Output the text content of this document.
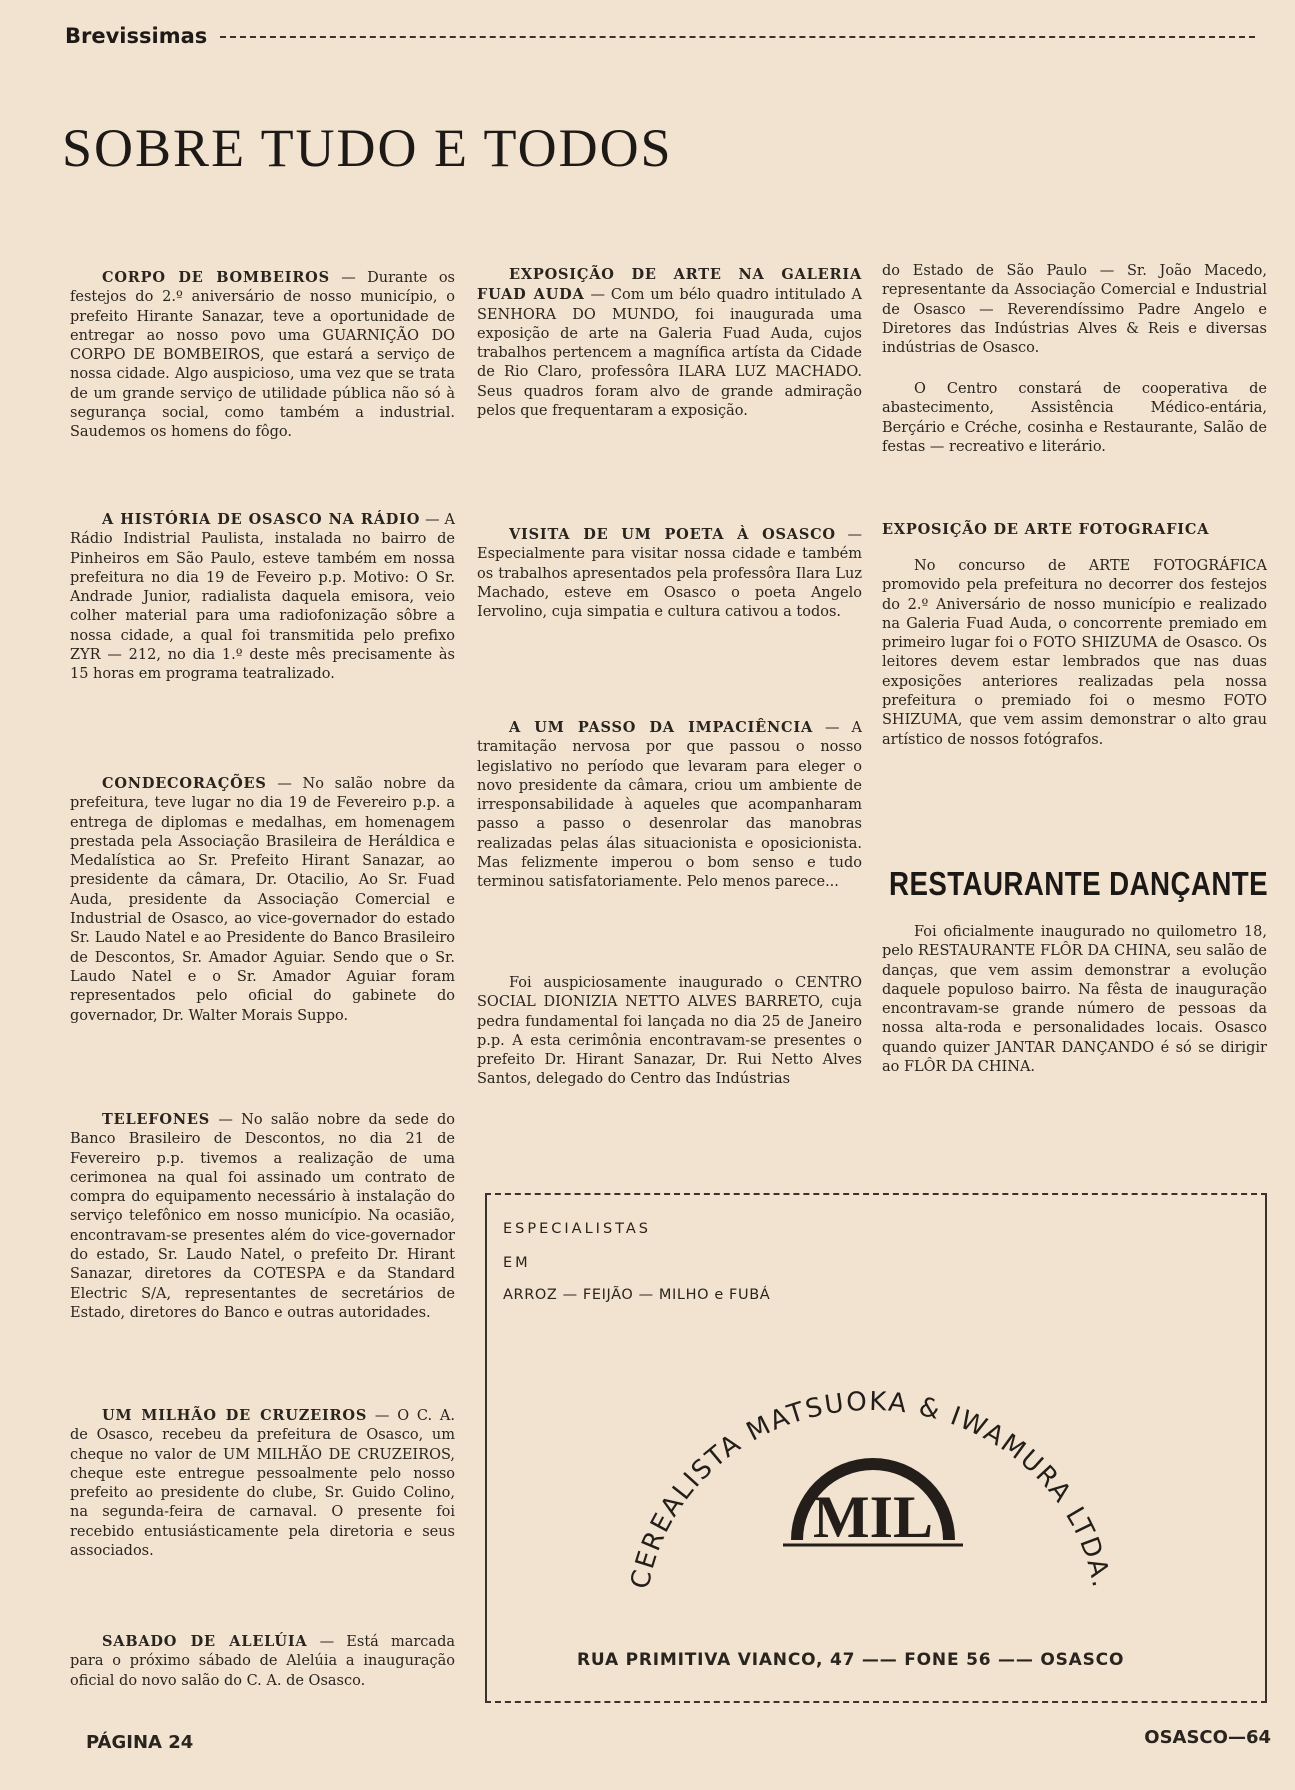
Brevissimas
SOBRE TUDO E TODOS

CORPO DE BOMBEIROS — Durante os festejos do 2.º aniversário de nosso município, o prefeito Hirante Sanazar, teve a oportunidade de entregar ao nosso povo uma GUARNIÇÃO DO CORPO DE BOMBEIROS, que estará a serviço de nossa cidade. Algo auspicioso, uma vez que se trata de um grande serviço de utilidade pública não só à segurança social, como também a industrial. Saudemos os homens do fôgo.

A HISTÓRIA DE OSASCO NA RÁDIO — A Rádio Indistrial Paulista, instalada no bairro de Pinheiros em São Paulo, esteve também em nossa prefeitura no dia 19 de Feveiro p.p. Motivo: O Sr. Andrade Junior, radialista daquela emisora, veio colher material para uma radiofonização sôbre a nossa cidade, a qual foi transmitida pelo prefixo ZYR — 212, no dia 1.º deste mês precisamente às 15 horas em programa teatralizado.

CONDECORAÇÕES — No salão nobre da prefeitura, teve lugar no dia 19 de Fevereiro p.p. a entrega de diplomas e medalhas, em homenagem prestada pela Associação Brasileira de Heráldica e Medalística ao Sr. Prefeito Hirant Sanazar, ao presidente da câmara, Dr. Otacilio, Ao Sr. Fuad Auda, presidente da Associação Comercial e Industrial de Osasco, ao vice-governador do estado Sr. Laudo Natel e ao Presidente do Banco Brasileiro de Descontos, Sr. Amador Aguiar. Sendo que o Sr. Laudo Natel e o Sr. Amador Aguiar foram representados pelo oficial do gabinete do governador, Dr. Walter Morais Suppo.

TELEFONES — No salão nobre da sede do Banco Brasileiro de Descontos, no dia 21 de Fevereiro p.p. tivemos a realização de uma cerimonea na qual foi assinado um contrato de compra do equipamento necessário à instalação do serviço telefônico em nosso município. Na ocasião, encontravam-se presentes além do vice-governador do estado, Sr. Laudo Natel, o prefeito Dr. Hirant Sanazar, diretores da COTESPA e da Standard Electric S/A, representantes de secretários de Estado, diretores do Banco e outras autoridades.

UM MILHÃO DE CRUZEIROS — O C. A. de Osasco, recebeu da prefeitura de Osasco, um cheque no valor de UM MILHÃO DE CRUZEIROS, cheque este entregue pessoalmente pelo nosso prefeito ao presidente do clube, Sr. Guido Colino, na segunda-feira de carnaval. O presente foi recebido entusiásticamente pela diretoria e seus associados.

SABADO DE ALELÚIA — Está marcada para o próximo sábado de Alelúia a inauguração oficial do novo salão do C. A. de Osasco.

EXPOSIÇÃO DE ARTE NA GALERIA FUAD AUDA — Com um bélo quadro intitulado A SENHORA DO MUNDO, foi inaugurada uma exposição de arte na Galeria Fuad Auda, cujos trabalhos pertencem a magnífica artísta da Cidade de Rio Claro, professôra ILARA LUZ MACHADO. Seus quadros foram alvo de grande admiração pelos que frequentaram a exposição.

VISITA DE UM POETA À OSASCO — Especialmente para visitar nossa cidade e também os trabalhos apresentados pela professôra Ilara Luz Machado, esteve em Osasco o poeta Angelo Iervolino, cuja simpatia e cultura cativou a todos.

A UM PASSO DA IMPACIÊNCIA — A tramitação nervosa por que passou o nosso legislativo no período que levaram para eleger o novo presidente da câmara, criou um ambiente de irresponsabilidade à aqueles que acompanharam passo a passo o desenrolar das manobras realizadas pelas álas situacionista e oposicionista. Mas felizmente imperou o bom senso e tudo terminou satisfatoriamente. Pelo menos parece...

Foi auspiciosamente inaugurado o CENTRO SOCIAL DIONIZIA NETTO ALVES BARRETO, cuja pedra fundamental foi lançada no dia 25 de Janeiro p.p. A esta cerimônia encontravam-se presentes o prefeito Dr. Hirant Sanazar, Dr. Rui Netto Alves Santos, delegado do Centro das Indústrias

do Estado de São Paulo — Sr. João Macedo, representante da Associação Comercial e Industrial de Osasco — Reverendíssimo Padre Angelo e Diretores das Indústrias Alves & Reis e diversas indústrias de Osasco.

O Centro constará de cooperativa de abastecimento, Assistência Médico-entária, Berçário e Créche, cosinha e Restaurante, Salão de festas — recreativo e literário.

EXPOSIÇÃO DE ARTE FOTOGRAFICA

No concurso de ARTE FOTOGRÁFICA promovido pela prefeitura no decorrer dos festejos do 2.º Aniversário de nosso município e realizado na Galeria Fuad Auda, o concorrente premiado em primeiro lugar foi o FOTO SHIZUMA de Osasco. Os leitores devem estar lembrados que nas duas exposições anteriores realizadas pela nossa prefeitura o premiado foi o mesmo FOTO SHIZUMA, que vem assim demonstrar o alto grau artístico de nossos fotógrafos.

RESTAURANTE DANÇANTE

Foi oficialmente inaugurado no quilometro 18, pelo RESTAURANTE FLÔR DA CHINA, seu salão de danças, que vem assim demonstrar a evolução daquele populoso bairro. Na fêsta de inauguração encontravam-se grande número de pessoas da nossa alta-roda e personalidades locais. Osasco quando quizer JANTAR DANÇANDO é só se dirigir ao FLÔR DA CHINA.

ESPECIALISTAS
EM
ARROZ — FEIJÃO — MILHO e FUBÁ
CEREALISTA MATSUOKA & IWAMURA LTDA.
MIL
RUA PRIMITIVA VIANCO, 47 —— FONE 56 —— OSASCO
PÁGINA 24	OSASCO—64
